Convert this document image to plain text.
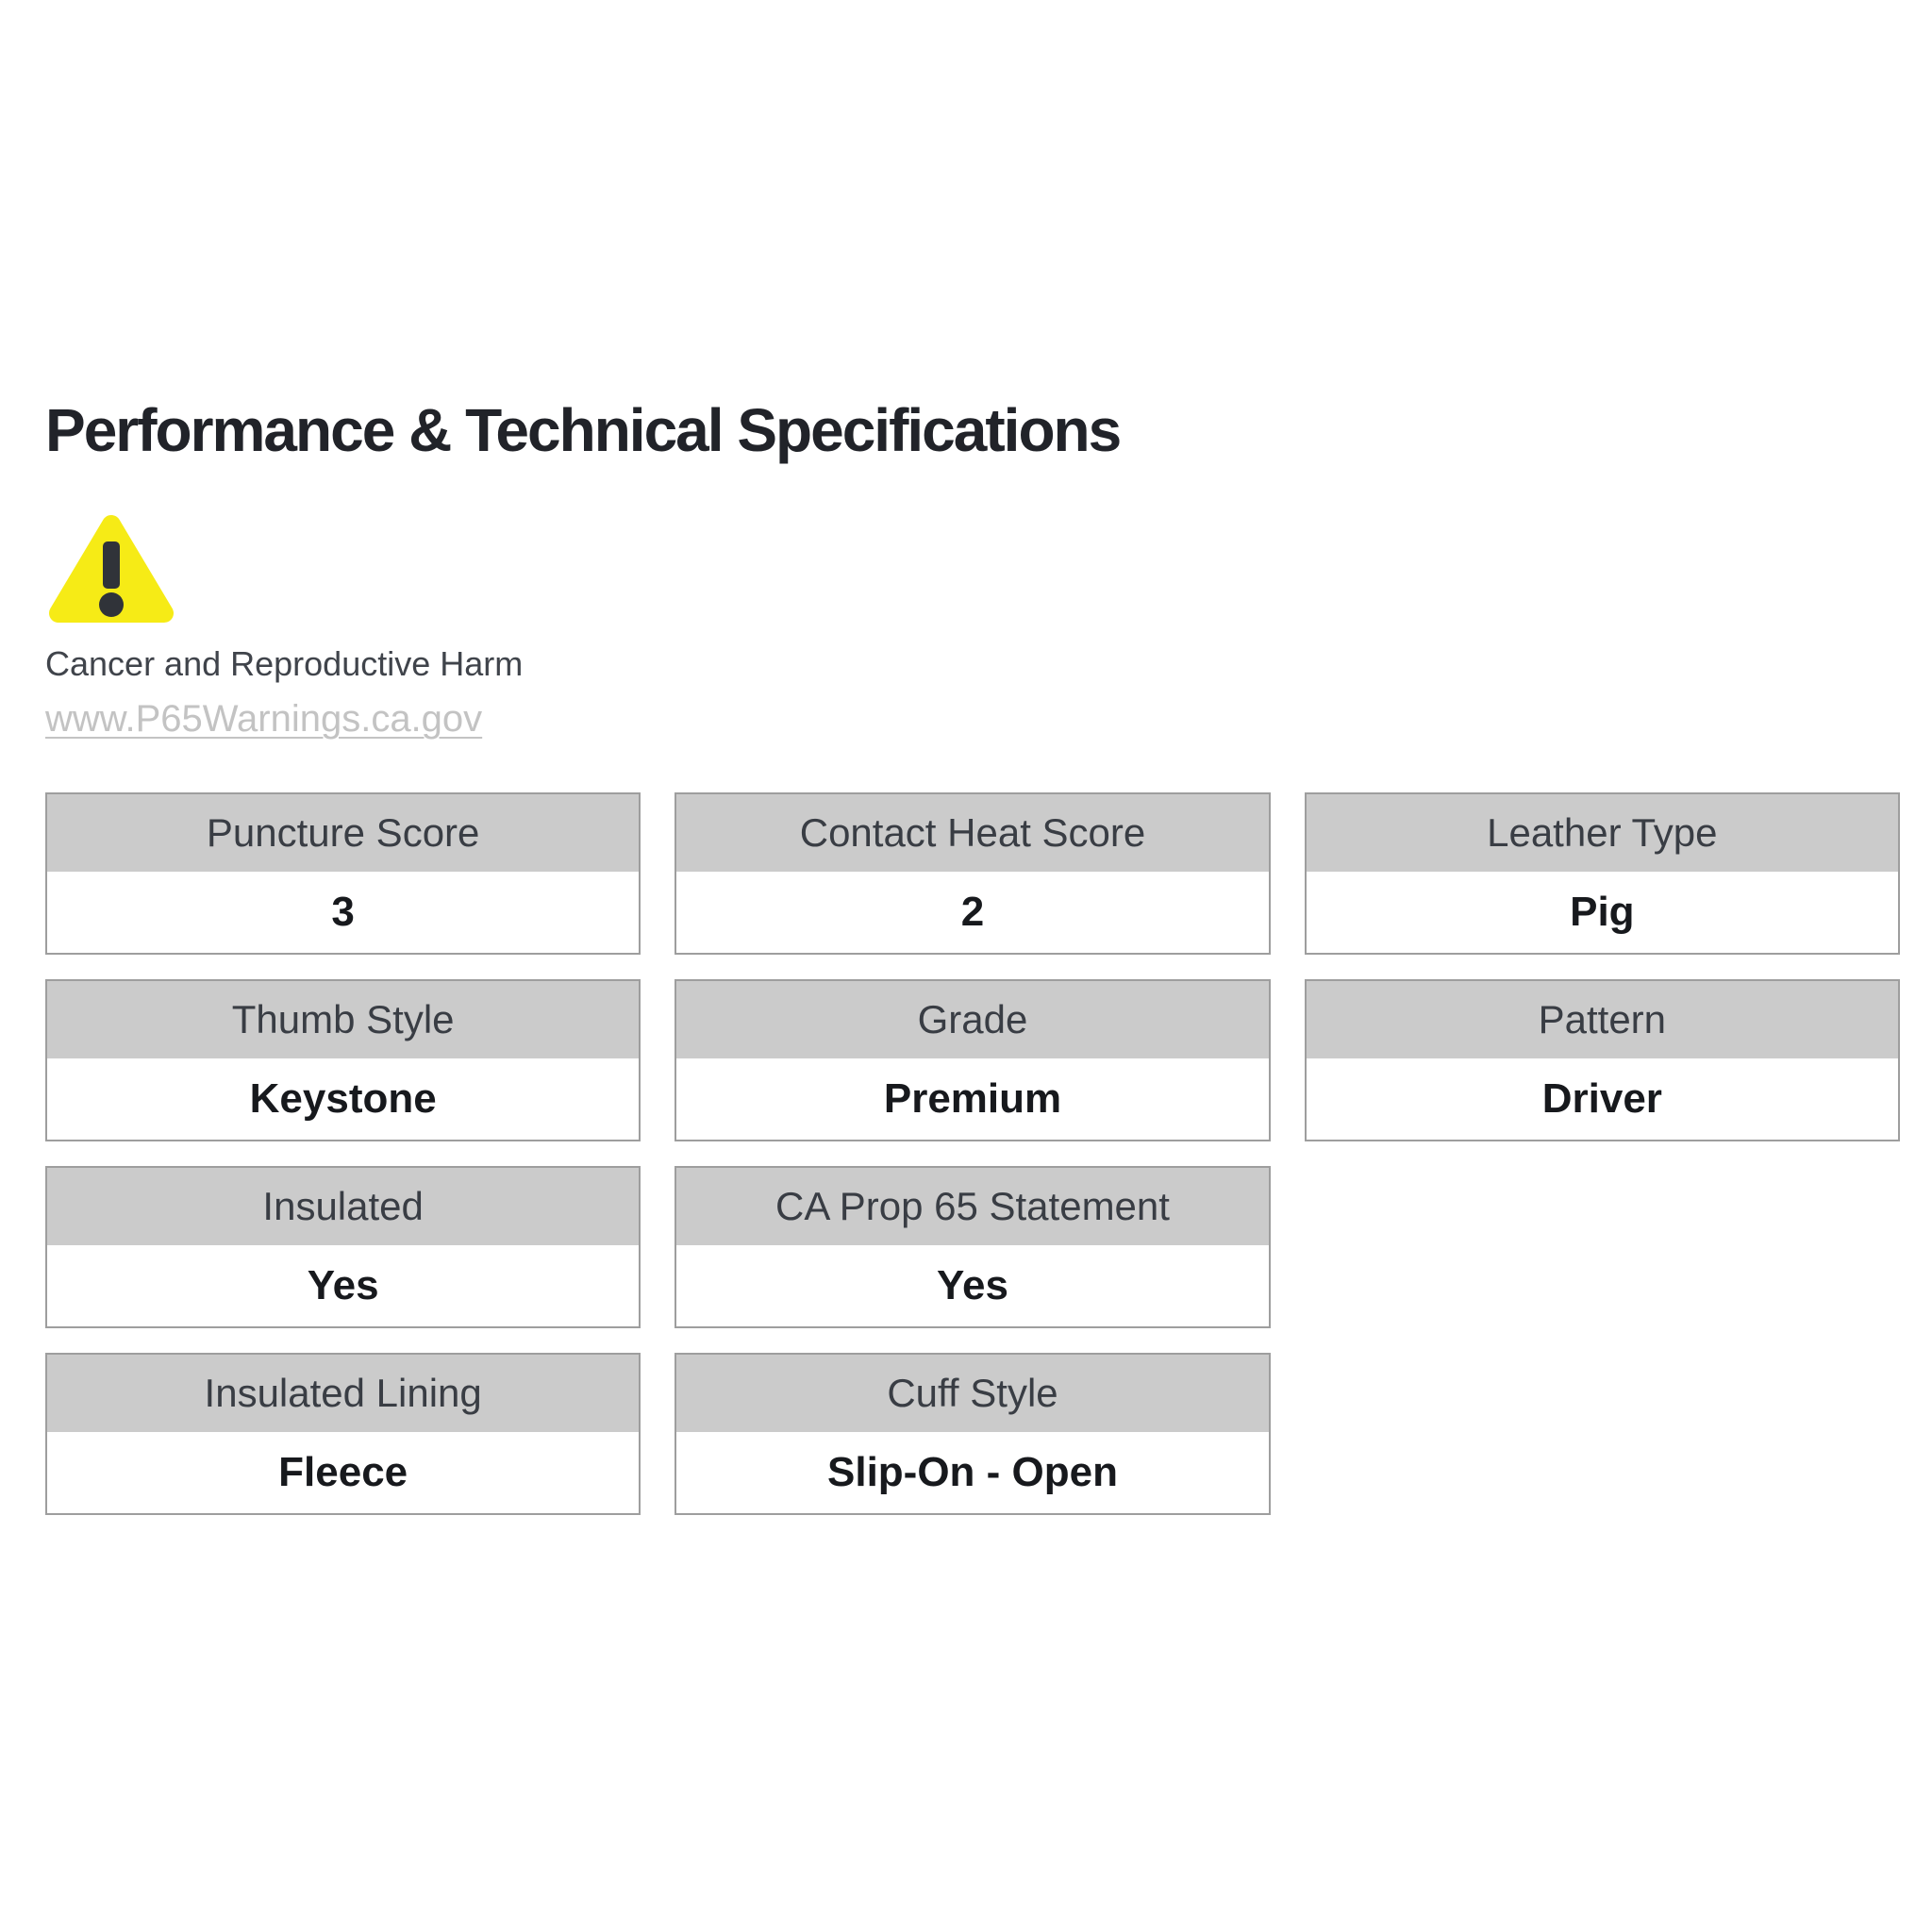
Performance & Technical Specifications
Cancer and Reproductive Harm
www.P65Warnings.ca.gov
Puncture Score
3
Contact Heat Score
2
Leather Type
Pig
Thumb Style
Keystone
Grade
Premium
Pattern
Driver
Insulated
Yes
CA Prop 65 Statement
Yes
Insulated Lining
Fleece
Cuff Style
Slip-On - Open
